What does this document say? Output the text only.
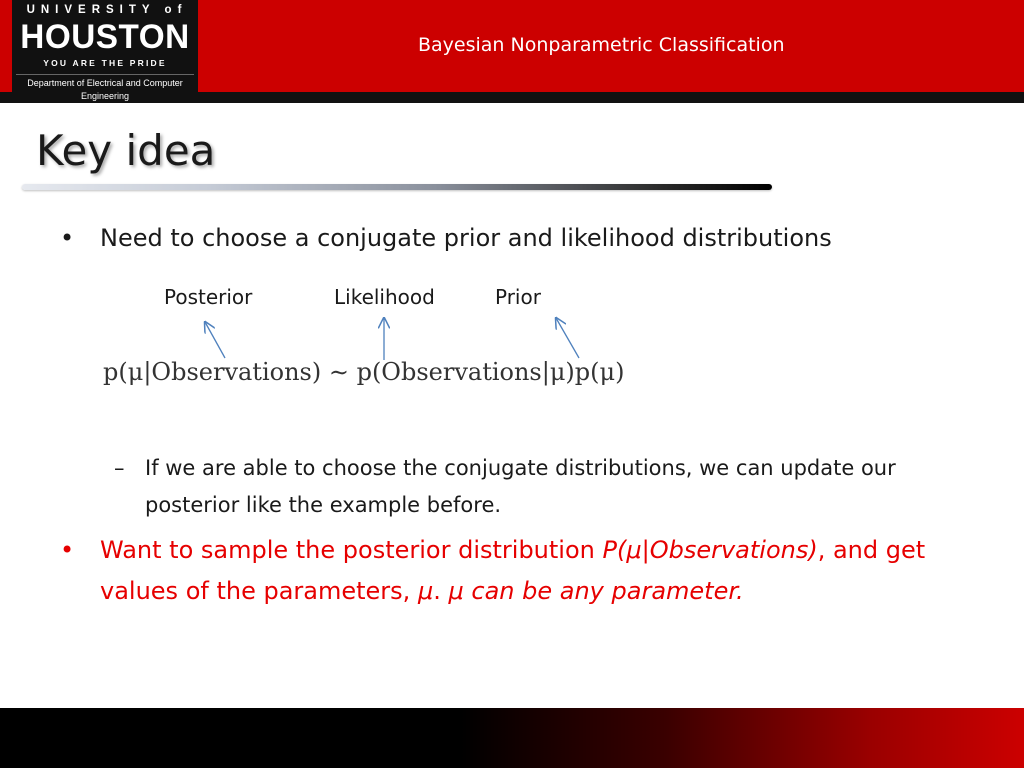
UNIVERSITY of
HOUSTON
YOU ARE THE PRIDE
Department of Electrical and Computer Engineering
Bayesian Nonparametric Classification
Key idea
• Need to choose a conjugate prior and likelihood distributions
Posterior	Likelihood	Prior
p(μ|Observations) ∼ p(Observations|μ)p(μ)
– If we are able to choose the conjugate distributions, we can update our posterior like the example before.
• Want to sample the posterior distribution P(μ|Observations), and get values of the parameters, μ. μ can be any parameter.
